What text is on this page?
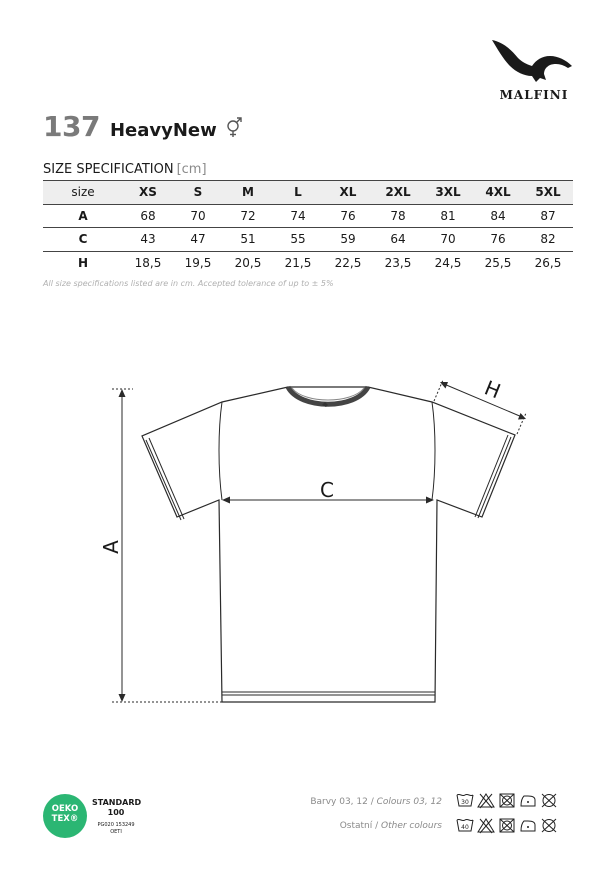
MALFINI
137 HeavyNew
SIZE SPECIFICATION [cm]
size	XS	S	M	L	XL	2XL	3XL	4XL	5XL
A	68	70	72	74	76	78	81	84	87
C	43	47	51	55	59	64	70	76	82
H	18,5	19,5	20,5	21,5	22,5	23,5	24,5	25,5	26,5
All size specifications listed are in cm. Accepted tolerance of up to ± 5%
A
C
H
OEKO
TEX®
STANDARD
100
PG020 153249
OETI
Barvy 03, 12 / Colours 03, 12
Ostatní / Other colours
30
40
